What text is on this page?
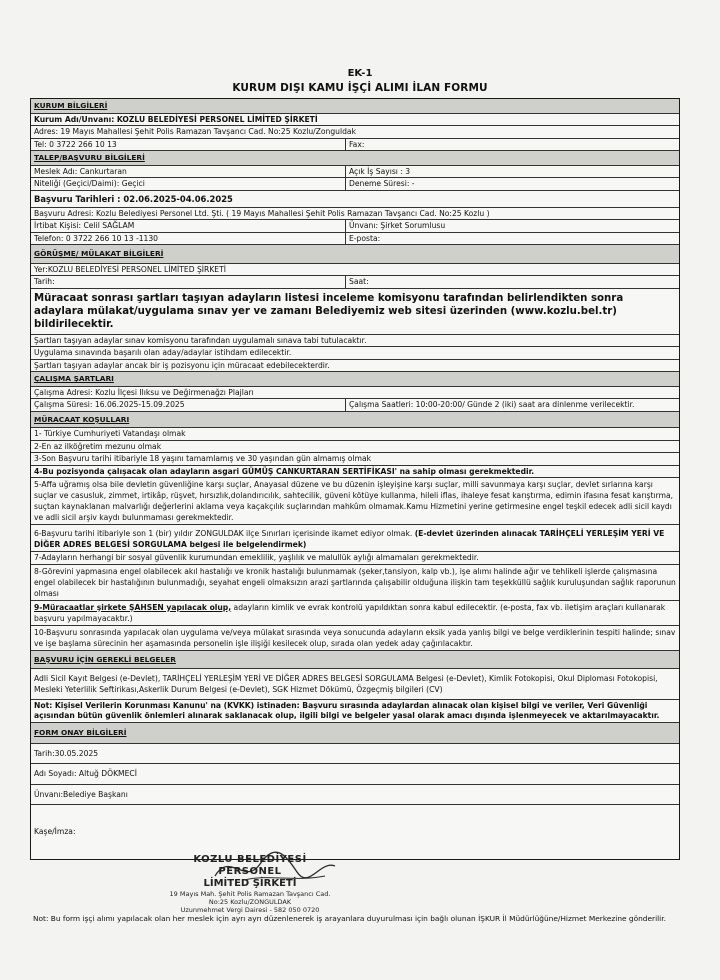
EK-1
KURUM DIŞI KAMU İŞÇİ ALIMI İLAN FORMU
KURUM BİLGİLERİ
Kurum Adı/Unvanı: KOZLU BELEDİYESİ PERSONEL LİMİTED ŞİRKETİ
Adres: 19 Mayıs Mahallesi Şehit Polis Ramazan Tavşancı Cad. No:25 Kozlu/Zonguldak
Tel: 0 3722 266 10 13	Fax:
TALEP/BAŞVURU BİLGİLERİ
Meslek Adı: Cankurtaran	Açık İş Sayısı : 3
Niteliği (Geçici/Daimi): Geçici	Deneme Süresi: -
Başvuru Tarihleri : 02.06.2025-04.06.2025
Başvuru Adresi: Kozlu Belediyesi Personel Ltd. Şti. ( 19 Mayıs Mahallesi Şehit Polis Ramazan Tavşancı Cad. No:25 Kozlu )
İrtibat Kişisi: Celil SAĞLAM	Ünvanı: Şirket Sorumlusu
Telefon: 0 3722 266 10 13 -1130	E-posta:
GÖRÜŞME/ MÜLAKAT BİLGİLERİ
Yer:KOZLU BELEDİYESİ PERSONEL LİMİTED ŞİRKETİ
Tarih:	Saat:
Müracaat sonrası şartları taşıyan adayların listesi inceleme komisyonu tarafından belirlendikten sonra adaylara mülakat/uygulama sınav yer ve zamanı Belediyemiz web sitesi üzerinden (www.kozlu.bel.tr) bildirilecektir.
Şartları taşıyan adaylar sınav komisyonu tarafından uygulamalı sınava tabi tutulacaktır.
Uygulama sınavında başarılı olan aday/adaylar istihdam edilecektir.
Şartları taşıyan adaylar ancak bir iş pozisyonu için müracaat edebilecekterdir.
ÇALIŞMA ŞARTLARI
Çalışma Adresi: Kozlu İlçesi Ilıksu ve Değirmenağzı Plajları
Çalışma Süresi: 16.06.2025-15.09.2025	Çalışma Saatleri: 10:00-20:00/ Günde 2 (iki) saat ara dinlenme verilecektir.
MÜRACAAT KOŞULLARI
1- Türkiye Cumhuriyeti Vatandaşı olmak
2-En az ilköğretim mezunu olmak
3-Son Başvuru tarihi itibariyle 18 yaşını tamamlamış ve 30 yaşından gün almamış olmak
4-Bu pozisyonda çalışacak olan adayların asgari GÜMÜŞ CANKURTARAN SERTİFİKASI' na sahip olması gerekmektedir.
5-Affa uğramış olsa bile devletin güvenliğine karşı suçlar, Anayasal düzene ve bu düzenin işleyişine karşı suçlar, milli savunmaya karşı suçlar, devlet sırlarına karşı suçlar ve casusluk, zimmet, irtikâp, rüşvet, hırsızlık,dolandırıcılık, sahtecilik, güveni kötüye kullanma, hileli iflas, ihaleye fesat karıştırma, edimin ifasına fesat karıştırma, suçtan kaynaklanan malvarlığı değerlerini aklama veya kaçakçılık suçlarından mahkûm olmamak.Kamu Hizmetini yerine getirmesine engel teşkil edecek adli sicil kaydı ve adli sicil arşiv kaydı bulunmaması gerekmektedir.
6-Başvuru tarihi itibariyle son 1 (bir) yıldır ZONGULDAK ilçe Sınırları içerisinde ikamet ediyor olmak. (E-devlet üzerinden alınacak TARİHÇELİ YERLEŞİM YERİ VE DİĞER ADRES BELGESİ SORGULAMA belgesi ile belgelendirmek)
7-Adayların herhangi bir sosyal güvenlik kurumundan emeklilik, yaşlılık ve malullük aylığı almamaları gerekmektedir.
8-Görevini yapmasına engel olabilecek akıl hastalığı ve kronik hastalığı bulunmamak (şeker,tansiyon, kalp vb.), işe alımı halinde ağır ve tehlikeli işlerde çalışmasına engel olabilecek bir hastalığının bulunmadığı, seyahat engeli olmaksızın arazi şartlarında çalışabilir olduğuna ilişkin tam teşekküllü sağlık kuruluşundan sağlık raporunun olması
9-Müracaatlar şirkete ŞAHSEN yapılacak olup, adayların kimlik ve evrak kontrolü yapıldıktan sonra kabul edilecektir. (e-posta, fax vb. iletişim araçları kullanarak başvuru yapılmayacaktır.)
10-Başvuru sonrasında yapılacak olan uygulama ve/veya mülakat sırasında veya sonucunda adayların eksik yada yanlış bilgi ve belge verdiklerinin tespiti halinde; sınav ve işe başlama sürecinin her aşamasında personelin işle ilişiği kesilecek olup, sırada olan yedek aday çağırılacaktır.
BAŞVURU İÇİN GEREKLİ BELGELER
Adli Sicil Kayıt Belgesi (e-Devlet), TARİHÇELİ YERLEŞİM YERİ VE DİĞER ADRES BELGESİ SORGULAMA Belgesi (e-Devlet), Kimlik Fotokopisi, Okul Diploması Fotokopisi, Mesleki Yeterlilik Seftirikası,Askerlik Durum Belgesi (e-Devlet), SGK Hizmet Dökümü, Özgeçmiş bilgileri (CV)
Not: Kişisel Verilerin Korunması Kanunu' na (KVKK) istinaden: Başvuru sırasında adaylardan alınacak olan kişisel bilgi ve veriler, Veri Güvenliği açısından bütün güvenlik önlemleri alınarak saklanacak olup, ilgili bilgi ve belgeler yasal olarak amacı dışında işlenmeyecek ve aktarılmayacaktır.
FORM ONAY BİLGİLERİ
Tarih:30.05.2025
Adı Soyadı: Altuğ DÖKMECİ
Ünvanı:Belediye Başkanı
Kaşe/İmza:
KOZLU BELEDİYESİ PERSONEL
LİMİTED ŞİRKETİ
19 Mayıs Mah. Şehit Polis Ramazan Tavşancı Cad.
No:25 Kozlu/ZONGULDAK
Uzunmehmet Vergi Dairesi - 582 050 0720
Not: Bu form işçi alımı yapılacak olan her meslek için ayrı ayrı düzenlenerek iş arayanlara duyurulması için bağlı olunan İŞKUR İl Müdürlüğüne/Hizmet Merkezine gönderilir.
